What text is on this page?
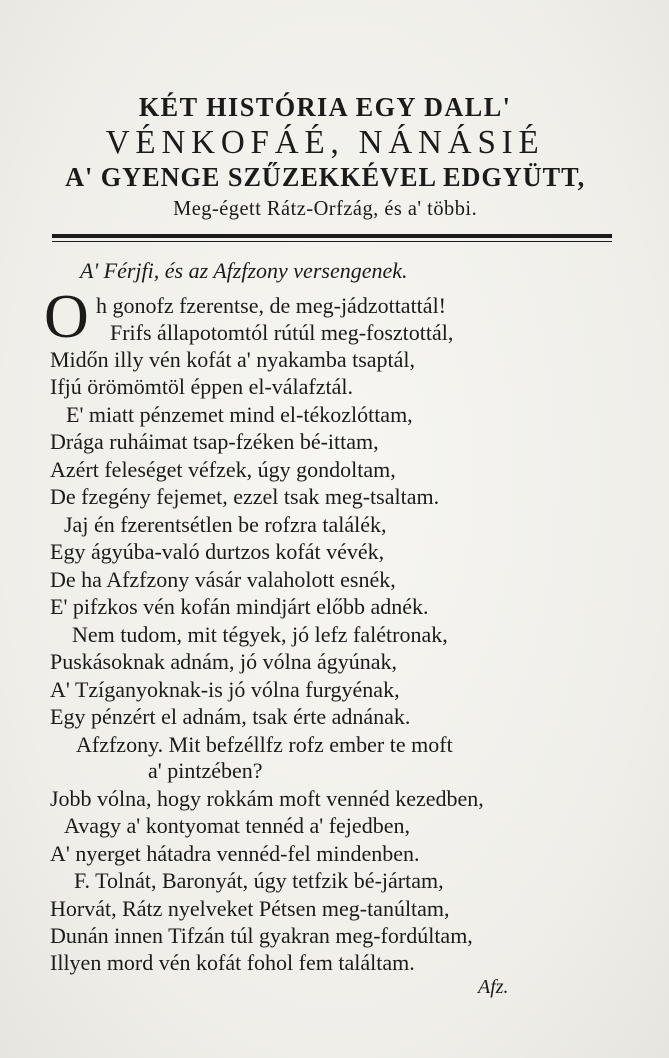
KÉT HISTÓRIA EGY DALL'
VÉNKOFÁÉ, NÁNÁSIÉ
A' GYENGE SZŰZEKKÉVEL EDGYÜTT,
Meg-égett Rátz-Orfzág, és a' többi.
A' Férjfi, és az Afzfzony versengenek.
O h gonofz fzerentse, de meg-jádzottattál!
Frifs állapotomtól rútúl meg-fosztottál,
Midőn illy vén kofát a' nyakamba tsaptál,
Ifjú örömömtöl éppen el-válafztál.
E' miatt pénzemet mind el-tékozlóttam,
Drága ruháimat tsap-fzéken bé-ittam,
Azért feleséget véfzek, úgy gondoltam,
De fzegény fejemet, ezzel tsak meg-tsaltam.
Jaj én fzerentsétlen be rofzra találék,
Egy ágyúba-való durtzos kofát vévék,
De ha Afzfzony vásár valaholott esnék,
E' pifzkos vén kofán mindjárt előbb adnék.
Nem tudom, mit tégyek, jó lefz falétronak,
Puskásoknak adnám, jó vólna ágyúnak,
A' Tzíganyoknak-is jó vólna furgyénak,
Egy pénzért el adnám, tsak érte adnának.
Afzfzony. Mit befzéllfz rofz ember te moft
a' pintzében?
Jobb vólna, hogy rokkám moft vennéd kezedben,
Avagy a' kontyomat tennéd a' fejedben,
A' nyerget hátadra vennéd-fel mindenben.
F. Tolnát, Baronyát, úgy tetfzik bé-jártam,
Horvát, Rátz nyelveket Pétsen meg-tanúltam,
Dunán innen Tifzán túl gyakran meg-fordúltam,
Illyen mord vén kofát fohol fem találtam.
Afz.
